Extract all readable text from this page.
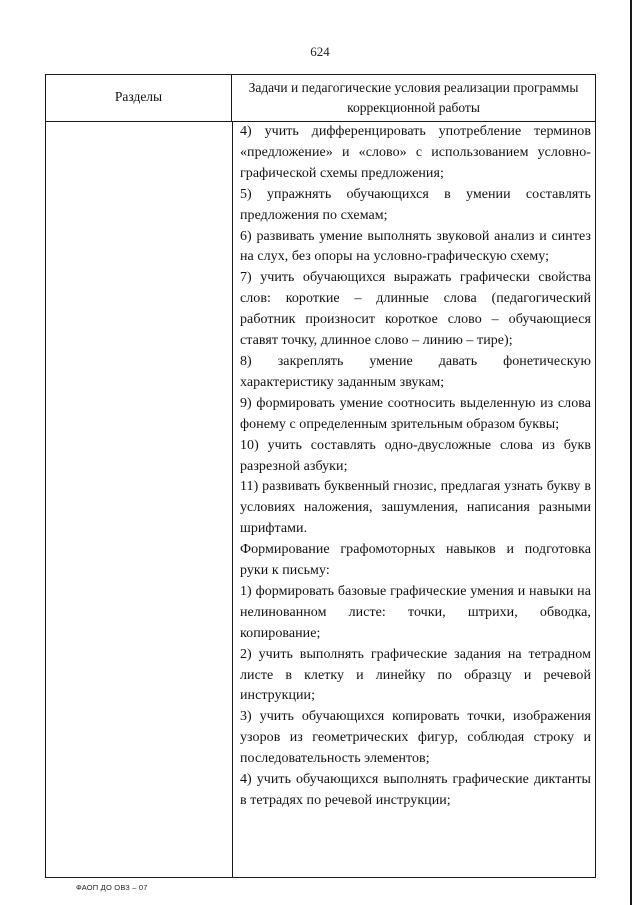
624
Разделы	Задачи и педагогические условия реализации программы коррекционной работы

4) учить дифференцировать употребление терминов «предложение» и «слово» с использованием условно-графической схемы предложения;

5) упражнять обучающихся в умении составлять предложения по схемам;

6) развивать умение выполнять звуковой анализ и синтез на слух, без опоры на условно-графическую схему;

7) учить обучающихся выражать графически свойства слов: короткие – длинные слова (педагогический работник произносит короткое слово – обучающиеся ставят точку, длинное слово – линию – тире);

8) закреплять умение давать фонетическую характеристику заданным звукам;

9) формировать умение соотносить выделенную из слова фонему с определенным зрительным образом буквы;

10) учить составлять одно-двусложные слова из букв разрезной азбуки;

11) развивать буквенный гнозис, предлагая узнать букву в условиях наложения, зашумления, написания разными шрифтами.

Формирование графомоторных навыков и подготовка руки к письму:

1) формировать базовые графические умения и навыки на нелинованном листе: точки, штрихи, обводка, копирование;

2) учить выполнять графические задания на тетрадном листе в клетку и линейку по образцу и речевой инструкции;

3) учить обучающихся копировать точки, изображения узоров из геометрических фигур, соблюдая строку и последовательность элементов;

4) учить обучающихся выполнять графические диктанты в тетрадях по речевой инструкции;

ФАОП ДО ОВЗ – 07
